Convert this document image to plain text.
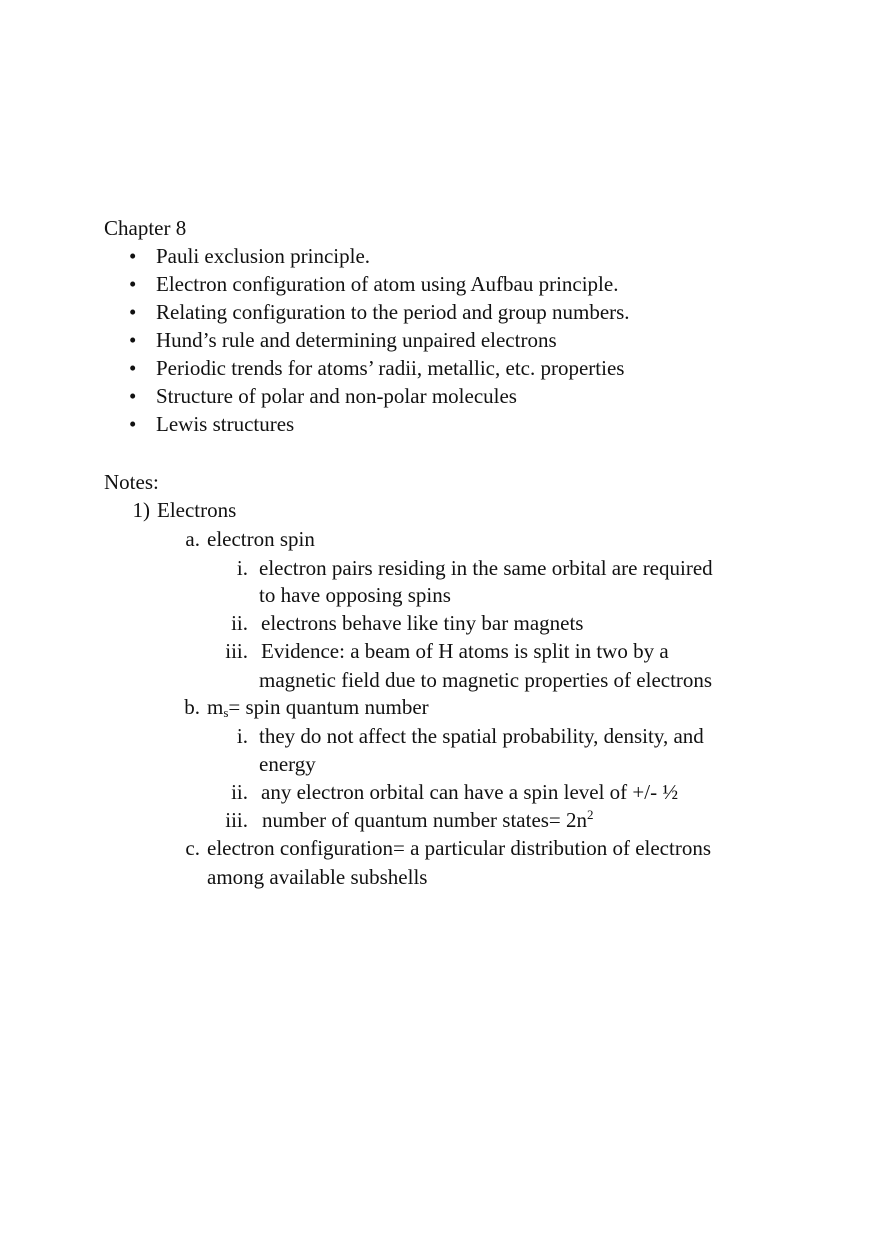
Chapter 8
• Pauli exclusion principle.
• Electron configuration of atom using Aufbau principle.
• Relating configuration to the period and group numbers.
• Hund’s rule and determining unpaired electrons
• Periodic trends for atoms’ radii, metallic, etc. properties
• Structure of polar and non-polar molecules
• Lewis structures
Notes:
1) Electrons
a. electron spin
i. electron pairs residing in the same orbital are required
to have opposing spins
ii. electrons behave like tiny bar magnets
iii. Evidence: a beam of H atoms is split in two by a
magnetic field due to magnetic properties of electrons
b. $m_s=$ spin quantum number
i. they do not affect the spatial probability, density, and
energy
ii. any electron orbital can have a spin level of +/- ½
iii. number of quantum number states= $2n^2$
c. electron configuration= a particular distribution of electrons
among available subshells
